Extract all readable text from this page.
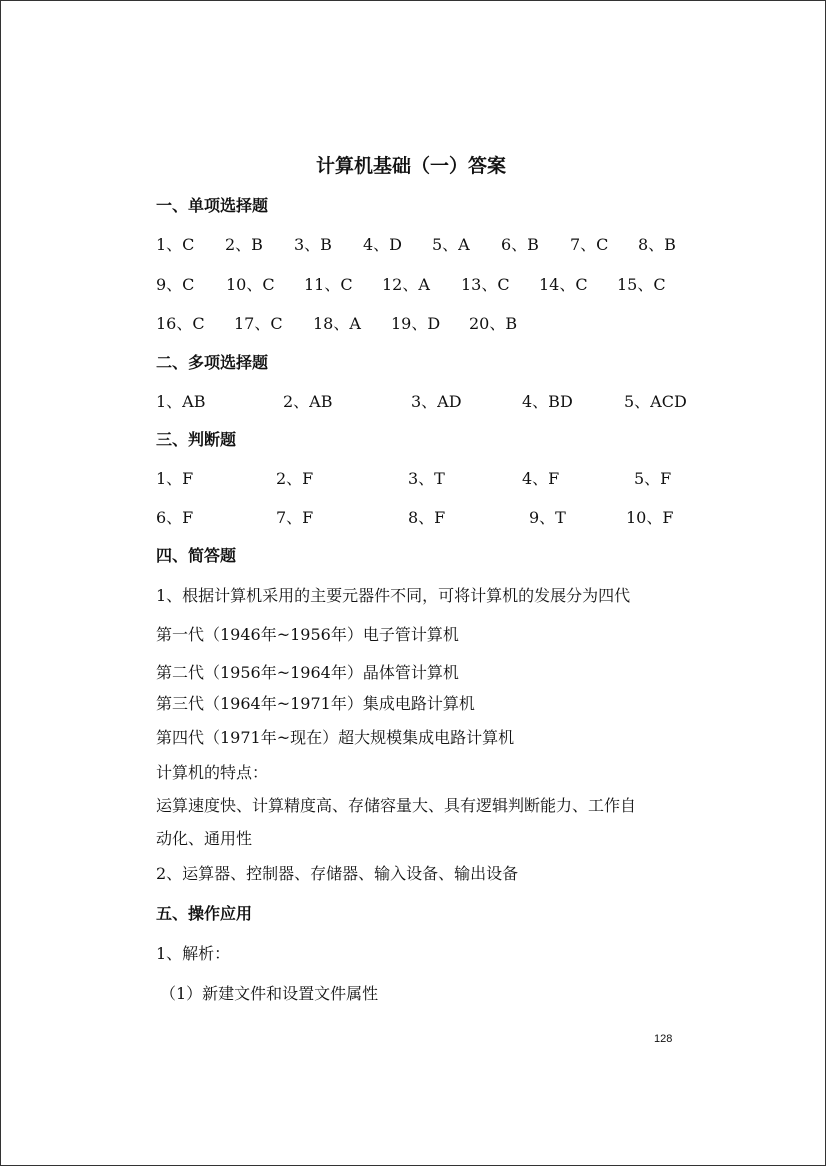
计算机基础（一）答案
一、单项选择题
1、C 2、B 3、B 4、D 5、A 6、B 7、C 8、B
9、C 10、C 11、C 12、A 13、C 14、C 15、C
16、C 17、C 18、A 19、D 20、B
二、多项选择题
1、AB	2、AB	3、AD	4、BD	5、ACD
三、判断题
1、F	2、F	3、T	4、F	5、F
6、F	7、F	8、F	9、T	10、F
四、简答题
1、根据计算机采用的主要元器件不同，可将计算机的发展分为四代
第一代（1946年~1956年）电子管计算机
第二代（1956年~1964年）晶体管计算机
第三代（1964年~1971年）集成电路计算机
第四代（1971年~现在）超大规模集成电路计算机
计算机的特点：
运算速度快、计算精度高、存储容量大、具有逻辑判断能力、工作自
动化、通用性
2、运算器、控制器、存储器、输入设备、输出设备
五、操作应用
1、解析：
（1）新建文件和设置文件属性
128
